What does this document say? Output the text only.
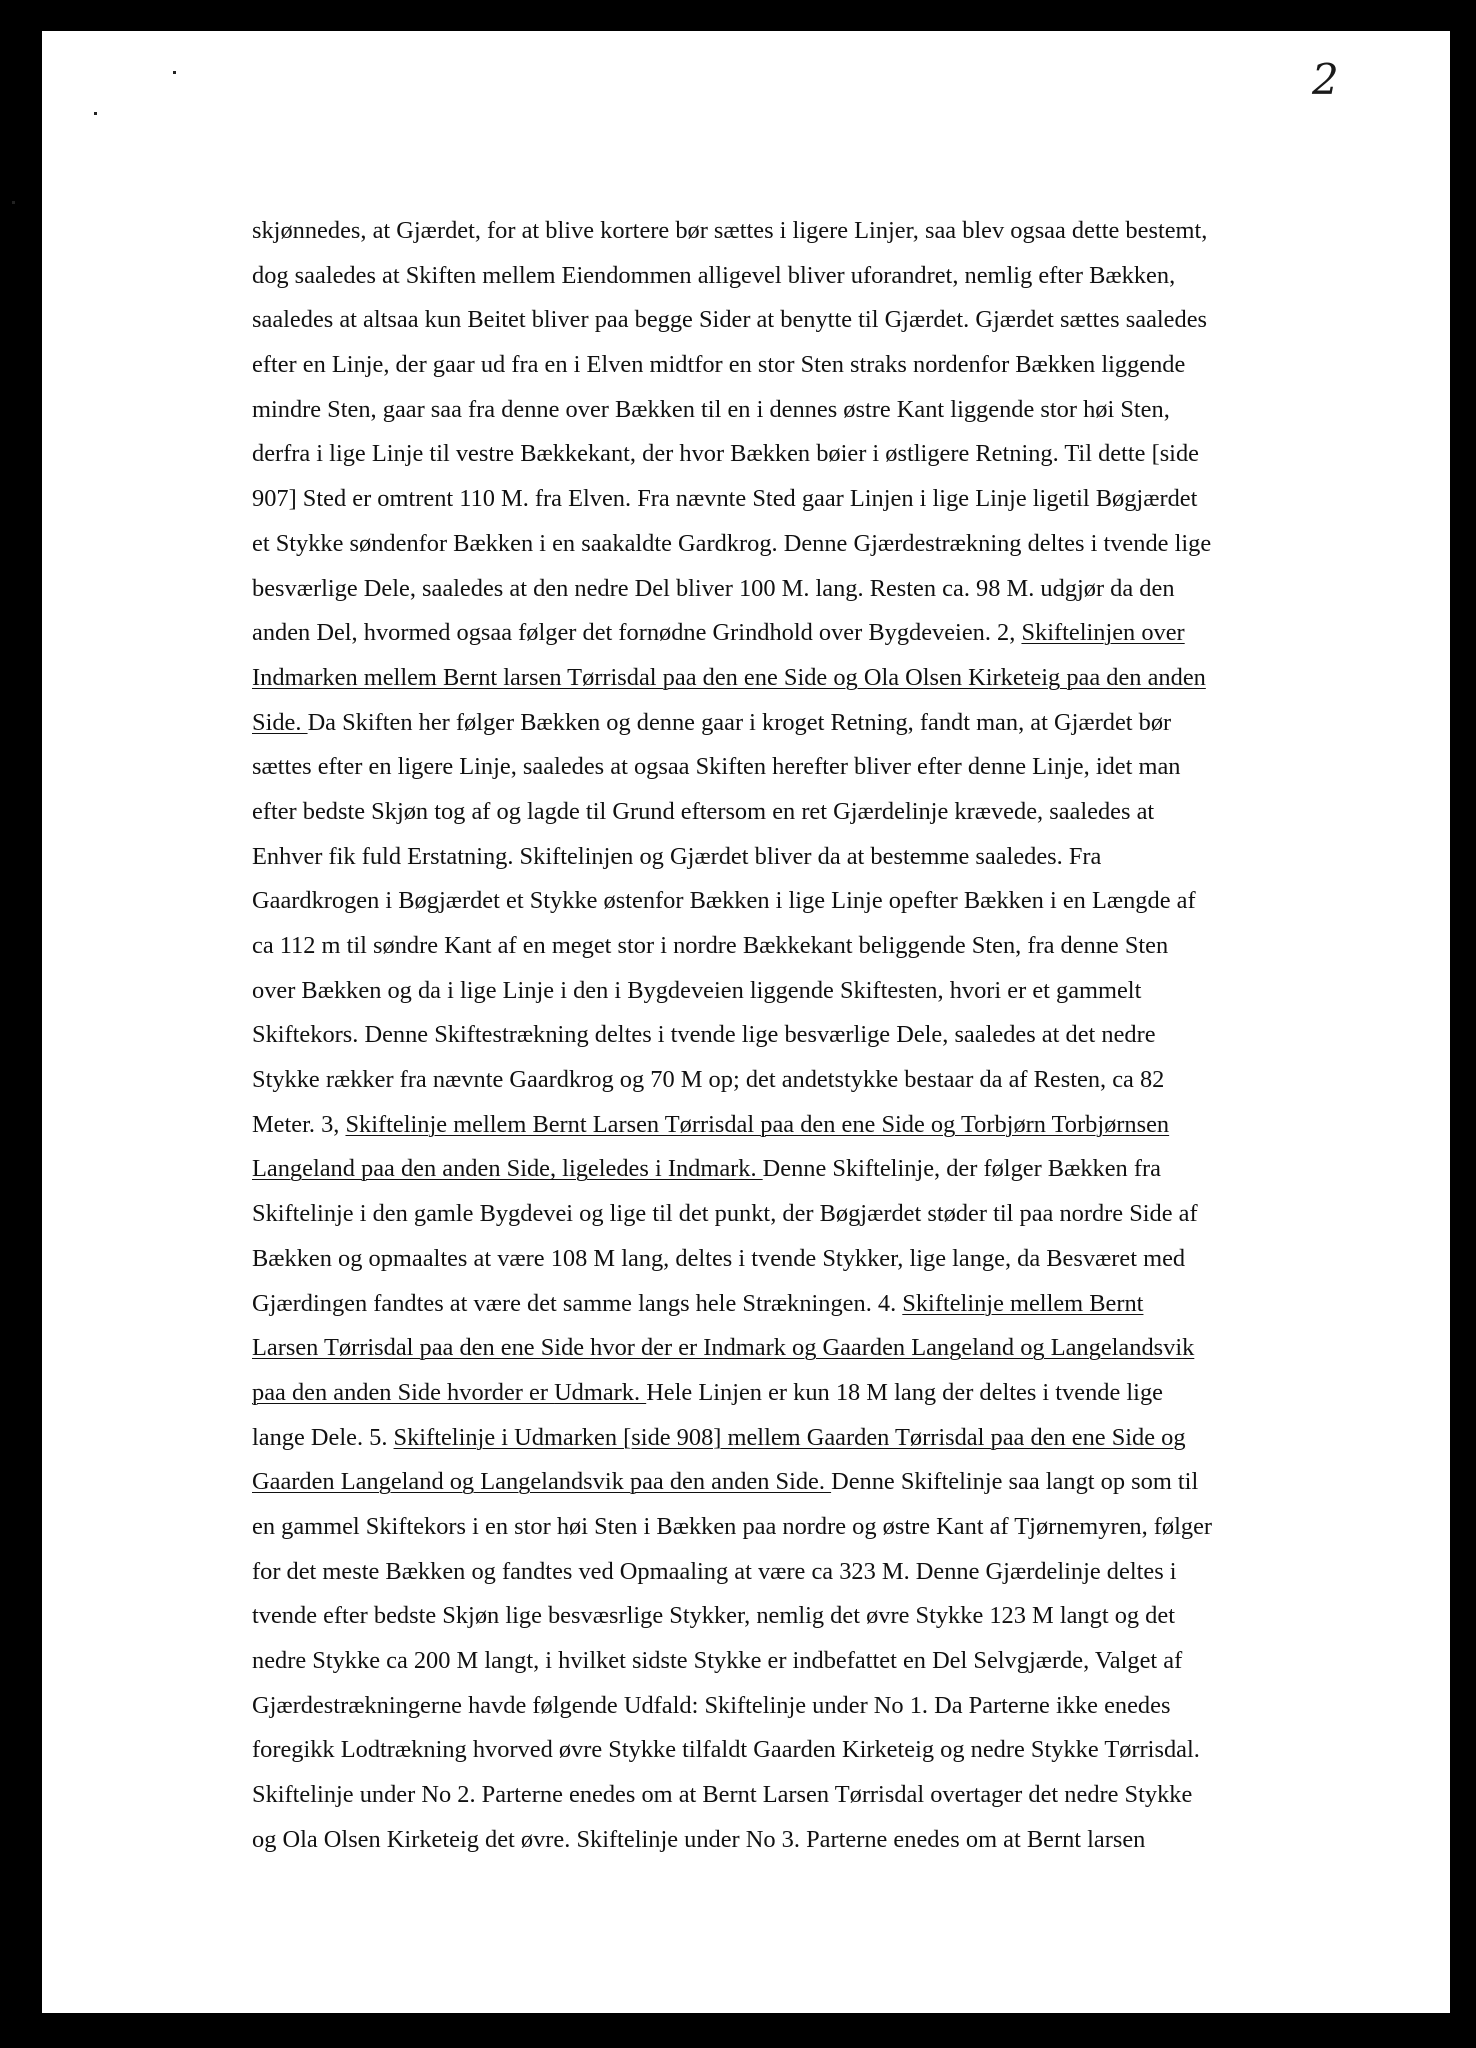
2
skjønnedes, at Gjærdet, for at blive kortere bør sættes i ligere Linjer, saa blev ogsaa dette bestemt,
dog saaledes at Skiften mellem Eiendommen alligevel bliver uforandret, nemlig efter Bækken,
saaledes at altsaa kun Beitet bliver paa begge Sider at benytte til Gjærdet. Gjærdet sættes saaledes
efter en Linje, der gaar ud fra en i Elven midtfor en stor Sten straks nordenfor Bækken liggende
mindre Sten, gaar saa fra denne over Bækken til en i dennes østre Kant liggende stor høi Sten,
derfra i lige Linje til vestre Bækkekant, der hvor Bækken bøier i østligere Retning. Til dette [side
907] Sted er omtrent 110 M. fra Elven. Fra nævnte Sted gaar Linjen i lige Linje ligetil Bøgjærdet
et Stykke søndenfor Bækken i en saakaldte Gardkrog. Denne Gjærdestrækning deltes i tvende lige
besværlige Dele, saaledes at den nedre Del bliver 100 M. lang. Resten ca. 98 M. udgjør da den
anden Del, hvormed ogsaa følger det fornødne Grindhold over Bygdeveien. 2, Skiftelinjen over
Indmarken mellem Bernt larsen Tørrisdal paa den ene Side og Ola Olsen Kirketeig paa den anden
Side. Da Skiften her følger Bækken og denne gaar i kroget Retning, fandt man, at Gjærdet bør
sættes efter en ligere Linje, saaledes at ogsaa Skiften herefter bliver efter denne Linje, idet man
efter bedste Skjøn tog af og lagde til Grund eftersom en ret Gjærdelinje krævede, saaledes at
Enhver fik fuld Erstatning. Skiftelinjen og Gjærdet bliver da at bestemme saaledes. Fra
Gaardkrogen i Bøgjærdet et Stykke østenfor Bækken i lige Linje opefter Bækken i en Længde af
ca 112 m til søndre Kant af en meget stor i nordre Bækkekant beliggende Sten, fra denne Sten
over Bækken og da i lige Linje i den i Bygdeveien liggende Skiftesten, hvori er et gammelt
Skiftekors. Denne Skiftestrækning deltes i tvende lige besværlige Dele, saaledes at det nedre
Stykke rækker fra nævnte Gaardkrog og 70 M op; det andetstykke bestaar da af Resten, ca 82
Meter. 3, Skiftelinje mellem Bernt Larsen Tørrisdal paa den ene Side og Torbjørn Torbjørnsen
Langeland paa den anden Side, ligeledes i Indmark. Denne Skiftelinje, der følger Bækken fra
Skiftelinje i den gamle Bygdevei og lige til det punkt, der Bøgjærdet støder til paa nordre Side af
Bækken og opmaaltes at være 108 M lang, deltes i tvende Stykker, lige lange, da Besværet med
Gjærdingen fandtes at være det samme langs hele Strækningen. 4. Skiftelinje mellem Bernt
Larsen Tørrisdal paa den ene Side hvor der er Indmark og Gaarden Langeland og Langelandsvik
paa den anden Side hvorder er Udmark. Hele Linjen er kun 18 M lang der deltes i tvende lige
lange Dele. 5. Skiftelinje i Udmarken [side 908] mellem Gaarden Tørrisdal paa den ene Side og
Gaarden Langeland og Langelandsvik paa den anden Side. Denne Skiftelinje saa langt op som til
en gammel Skiftekors i en stor høi Sten i Bækken paa nordre og østre Kant af Tjørnemyren, følger
for det meste Bækken og fandtes ved Opmaaling at være ca 323 M. Denne Gjærdelinje deltes i
tvende efter bedste Skjøn lige besvæsrlige Stykker, nemlig det øvre Stykke 123 M langt og det
nedre Stykke ca 200 M langt, i hvilket sidste Stykke er indbefattet en Del Selvgjærde, Valget af
Gjærdestrækningerne havde følgende Udfald: Skiftelinje under No 1. Da Parterne ikke enedes
foregikk Lodtrækning hvorved øvre Stykke tilfaldt Gaarden Kirketeig og nedre Stykke Tørrisdal.
Skiftelinje under No 2. Parterne enedes om at Bernt Larsen Tørrisdal overtager det nedre Stykke
og Ola Olsen Kirketeig det øvre. Skiftelinje under No 3. Parterne enedes om at Bernt larsen
